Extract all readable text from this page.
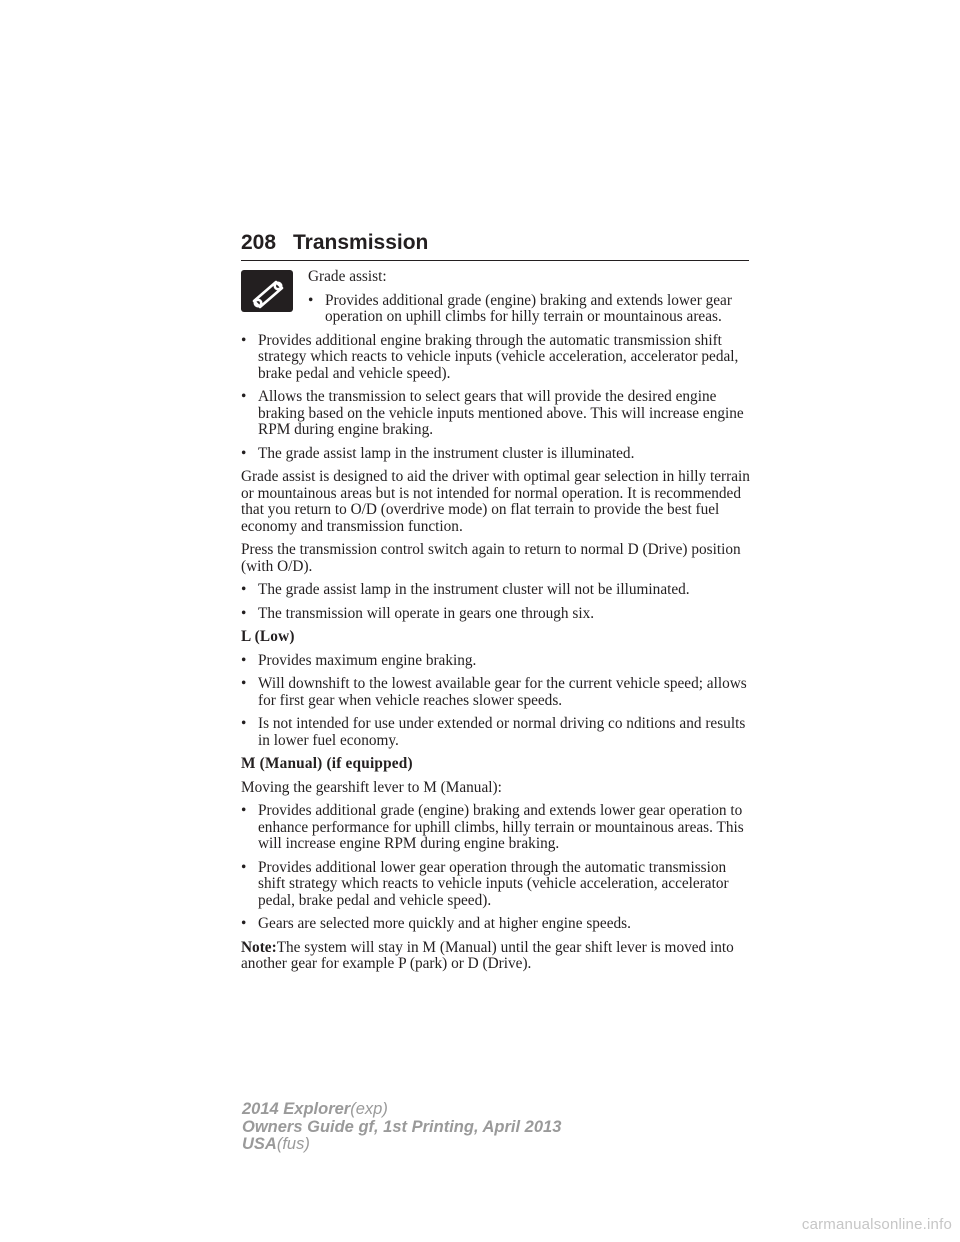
208 Transmission

Grade assist:

• Provides additional grade (engine) braking and extends lower gear operation on uphill climbs for hilly terrain or mountainous areas.
• Provides additional engine braking through the automatic transmission shift strategy which reacts to vehicle inputs (vehicle acceleration, accelerator pedal, brake pedal and vehicle speed).
• Allows the transmission to select gears that will provide the desired engine braking based on the vehicle inputs mentioned above. This will increase engine RPM during engine braking.
• The grade assist lamp in the instrument cluster is illuminated.

Grade assist is designed to aid the driver with optimal gear selection in hilly terrain or mountainous areas but is not intended for normal operation. It is recommended that you return to O/D (overdrive mode) on flat terrain to provide the best fuel economy and transmission function.

Press the transmission control switch again to return to normal D (Drive) position (with O/D).

• The grade assist lamp in the instrument cluster will not be illuminated.
• The transmission will operate in gears one through six.
L (Low)
• Provides maximum engine braking.
• Will downshift to the lowest available gear for the current vehicle speed; allows for first gear when vehicle reaches slower speeds.
• Is not intended for use under extended or normal driving co nditions and results in lower fuel economy.
M (Manual) (if equipped)

Moving the gearshift lever to M (Manual):

• Provides additional grade (engine) braking and extends lower gear operation to enhance performance for uphill climbs, hilly terrain or mountainous areas. This will increase engine RPM during engine braking.
• Provides additional lower gear operation through the automatic transmission shift strategy which reacts to vehicle inputs (vehicle acceleration, accelerator pedal, brake pedal and vehicle speed).
• Gears are selected more quickly and at higher engine speeds.

Note:The system will stay in M (Manual) until the gear shift lever is moved into another gear for example P (park) or D (Drive).

2014 Explorer(exp)
Owners Guide gf, 1st Printing, April 2013
USA(fus)
carmanualsonline.info
